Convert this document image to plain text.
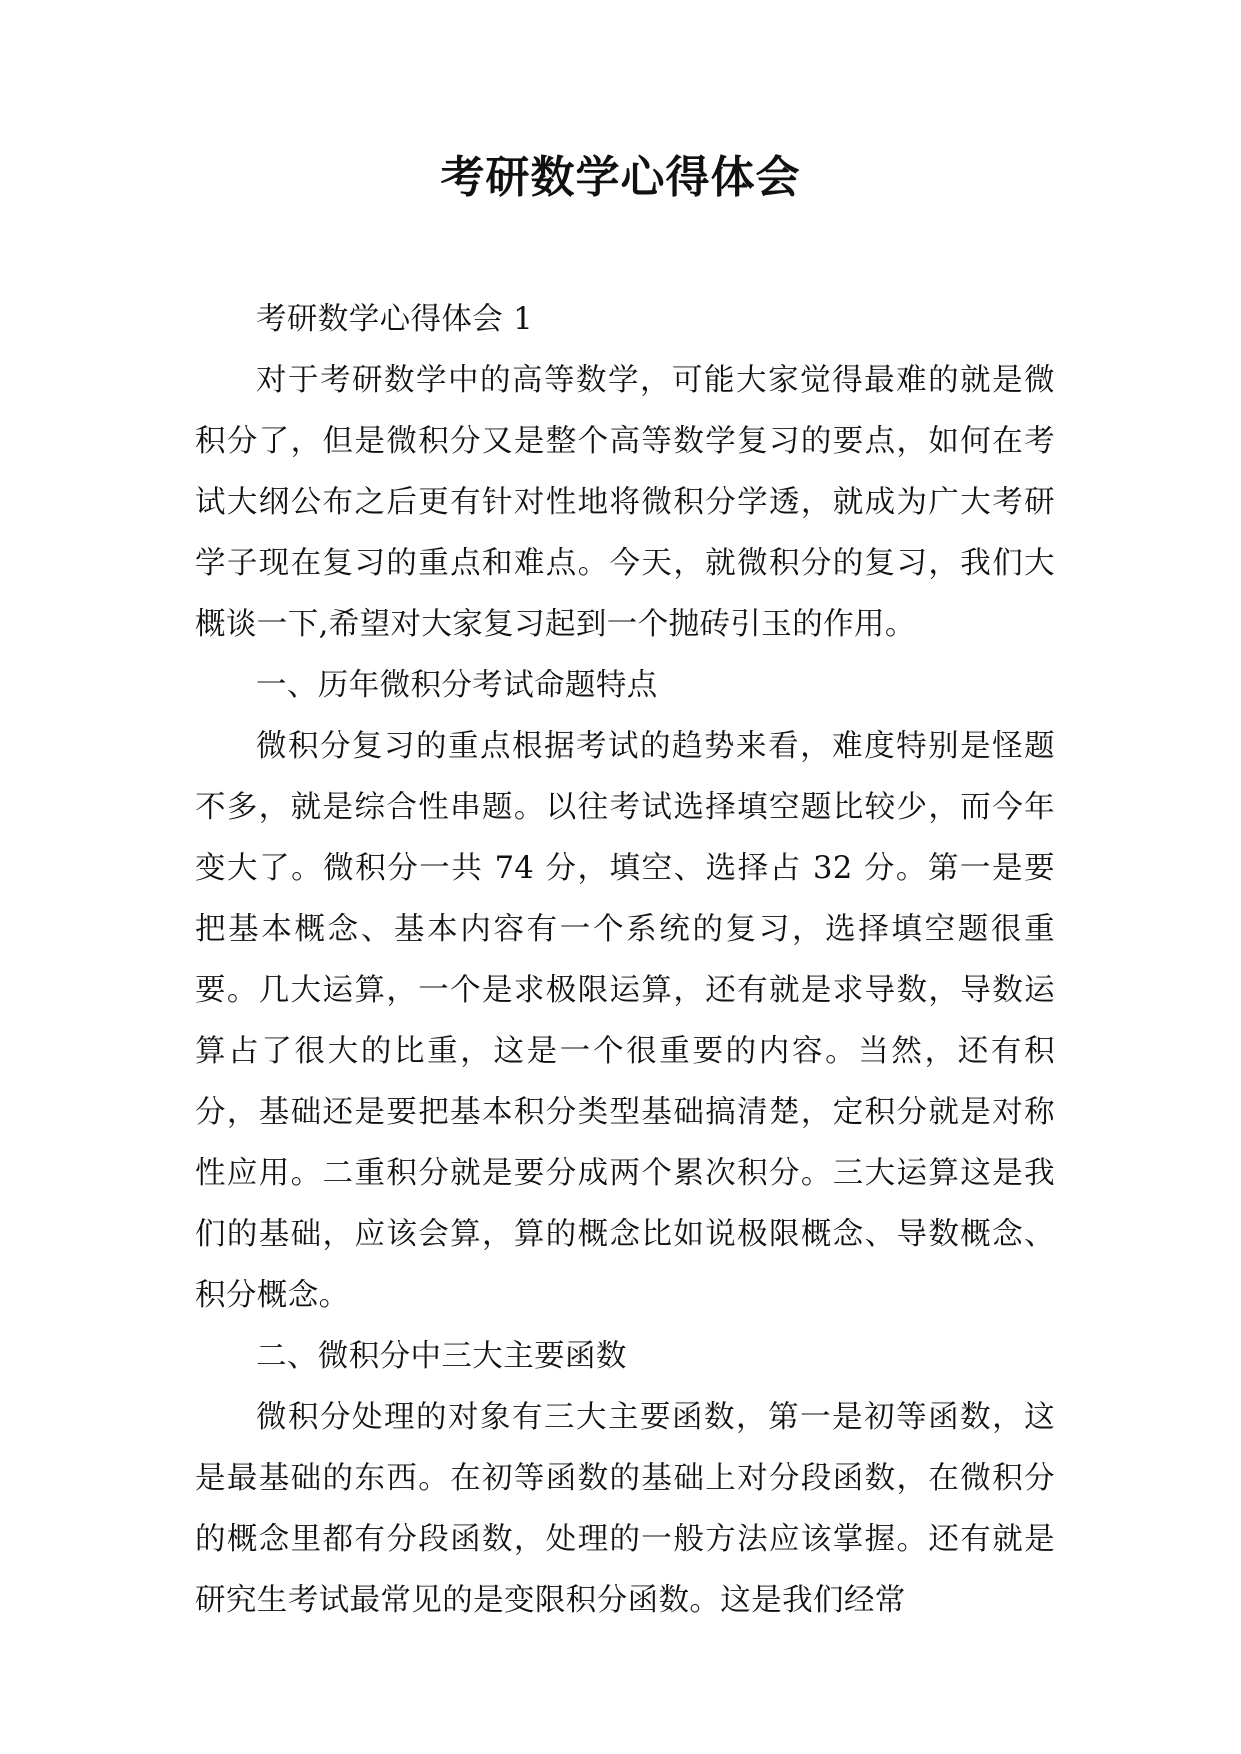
考研数学心得体会

考研数学心得体会 1

对于考研数学中的高等数学，可能大家觉得最难的就是微积分了，但是微积分又是整个高等数学复习的要点，如何在考试大纲公布之后更有针对性地将微积分学透，就成为广大考研学子现在复习的重点和难点。今天，就微积分的复习，我们大概谈一下,希望对大家复习起到一个抛砖引玉的作用。

一、历年微积分考试命题特点

微积分复习的重点根据考试的趋势来看，难度特别是怪题不多，就是综合性串题。以往考试选择填空题比较少，而今年变大了。微积分一共 74 分，填空、选择占 32 分。第一是要把基本概念、基本内容有一个系统的复习，选择填空题很重要。几大运算，一个是求极限运算，还有就是求导数，导数运算占了很大的比重，这是一个很重要的内容。当然，还有积分，基础还是要把基本积分类型基础搞清楚，定积分就是对称性应用。二重积分就是要分成两个累次积分。三大运算这是我们的基础，应该会算，算的概念比如说极限概念、导数概念、积分概念。

二、微积分中三大主要函数

微积分处理的对象有三大主要函数，第一是初等函数，这是最基础的东西。在初等函数的基础上对分段函数，在微积分的概念里都有分段函数，处理的一般方法应该掌握。还有就是研究生考试最常见的是变限积分函数。这是我们经常
